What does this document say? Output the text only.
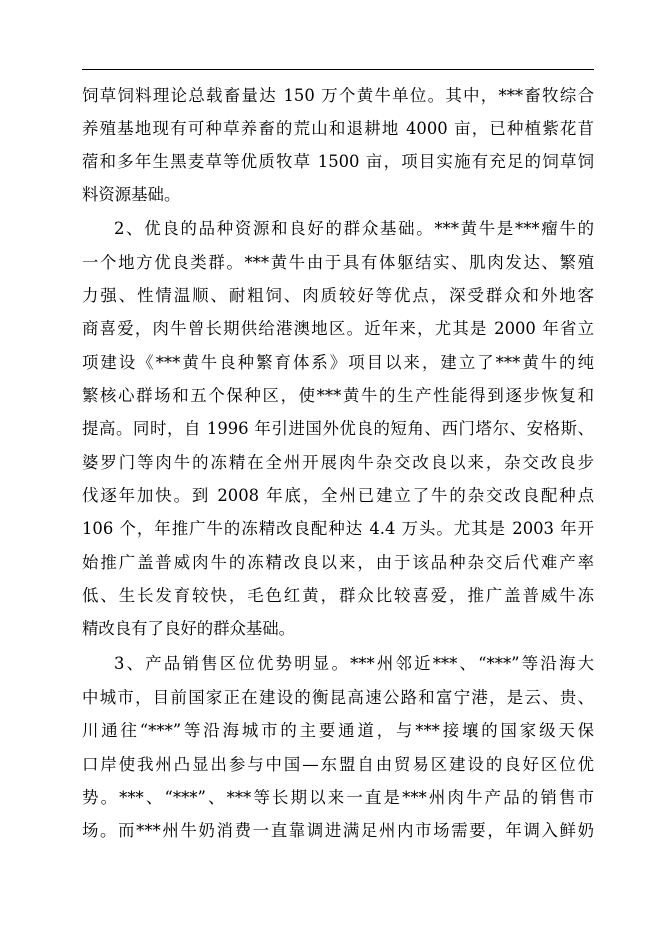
饲草饲料理论总载畜量达 150 万个黄牛单位。其中，***畜牧综合
养殖基地现有可种草养畜的荒山和退耕地 4000 亩，已种植紫花苜
蓿和多年生黑麦草等优质牧草 1500 亩，项目实施有充足的饲草饲
料资源基础。
2、优良的品种资源和良好的群众基础。***黄牛是***瘤牛的
一个地方优良类群。***黄牛由于具有体躯结实、肌肉发达、繁殖
力强、性情温顺、耐粗饲、肉质较好等优点，深受群众和外地客
商喜爱，肉牛曾长期供给港澳地区。近年来，尤其是 2000 年省立
项建设《***黄牛良种繁育体系》项目以来，建立了***黄牛的纯
繁核心群场和五个保种区，使***黄牛的生产性能得到逐步恢复和
提高。同时，自 1996 年引进国外优良的短角、西门塔尔、安格斯、
婆罗门等肉牛的冻精在全州开展肉牛杂交改良以来，杂交改良步
伐逐年加快。到 2008 年底，全州已建立了牛的杂交改良配种点
106 个，年推广牛的冻精改良配种达 4.4 万头。尤其是 2003 年开
始推广盖普威肉牛的冻精改良以来，由于该品种杂交后代难产率
低、生长发育较快，毛色红黄，群众比较喜爱，推广盖普威牛冻
精改良有了良好的群众基础。
3、产品销售区位优势明显。***州邻近***、“***”等沿海大
中城市，目前国家正在建设的衡昆高速公路和富宁港，是云、贵、
川通往“***”等沿海城市的主要通道，与***接壤的国家级天保
口岸使我州凸显出参与中国—东盟自由贸易区建设的良好区位优
势。***、“***”、***等长期以来一直是***州肉牛产品的销售市
场。而***州牛奶消费一直靠调进满足州内市场需要，年调入鲜奶
